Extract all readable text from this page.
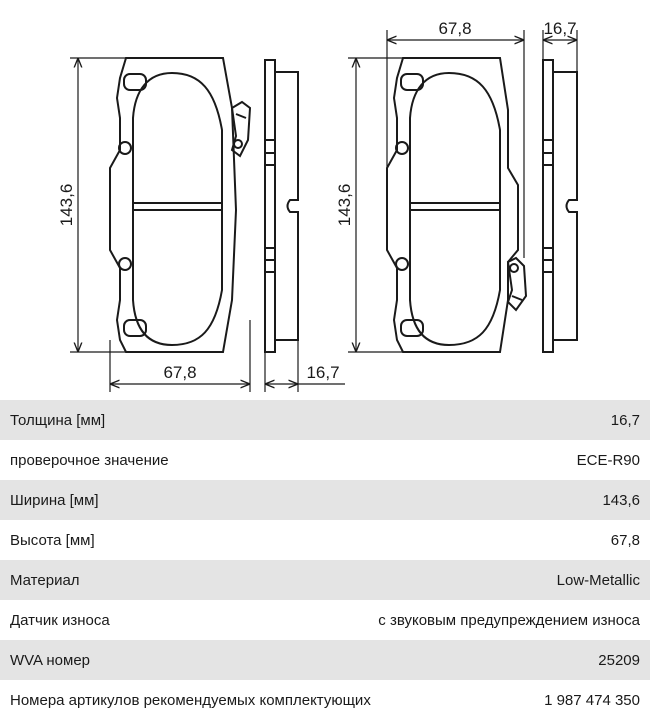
143,6
67,8	16,7
143,6
67,8	16,7
Толщина [мм]	16,7
проверочное значение	ECE-R90
Ширина [мм]	143,6
Высота [мм]	67,8
Материал	Low-Metallic
Датчик износа	с звуковым предупреждением износа
WVA номер	25209
Номера артикулов рекомендуемых комплектующих	1 987 474 350
